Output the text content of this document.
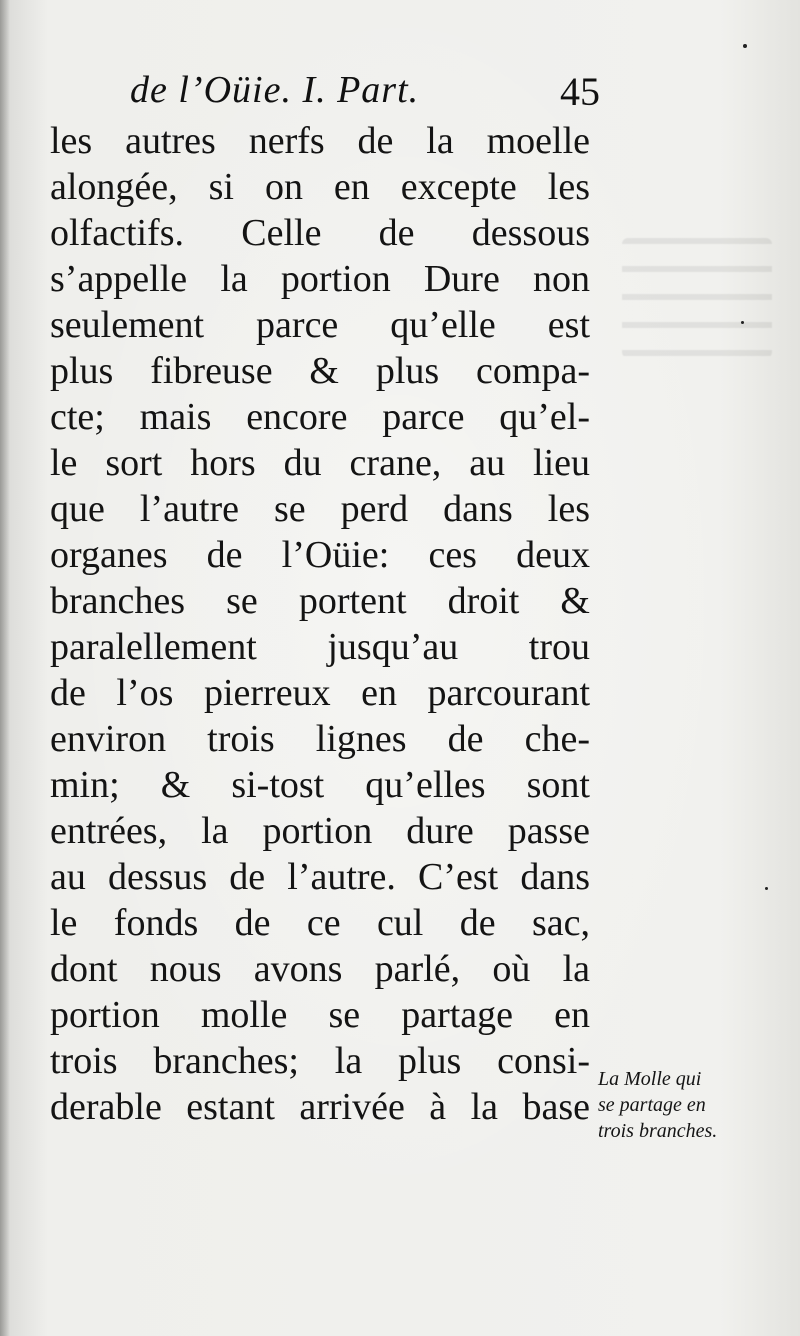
de l’Oüie. I. Part.	45
les autres nerfs de la moelle
alongée, si on en excepte les
olfactifs. Celle de dessous
s’appelle la portion Dure non
seulement parce qu’elle est
plus fibreuse & plus compa-
cte; mais encore parce qu’el-
le sort hors du crane, au lieu
que l’autre se perd dans les
organes de l’Oüie: ces deux
branches se portent droit &
paralellement jusqu’au trou
de l’os pierreux en parcourant
environ trois lignes de che-
min; & si-tost qu’elles sont
entrées, la portion dure passe
au dessus de l’autre. C’est dans
le fonds de ce cul de sac,
dont nous avons parlé, où la
portion molle se partage en
trois branches; la plus consi-
derable estant arrivée à la base
La Molle qui
se partage en
trois branches.
